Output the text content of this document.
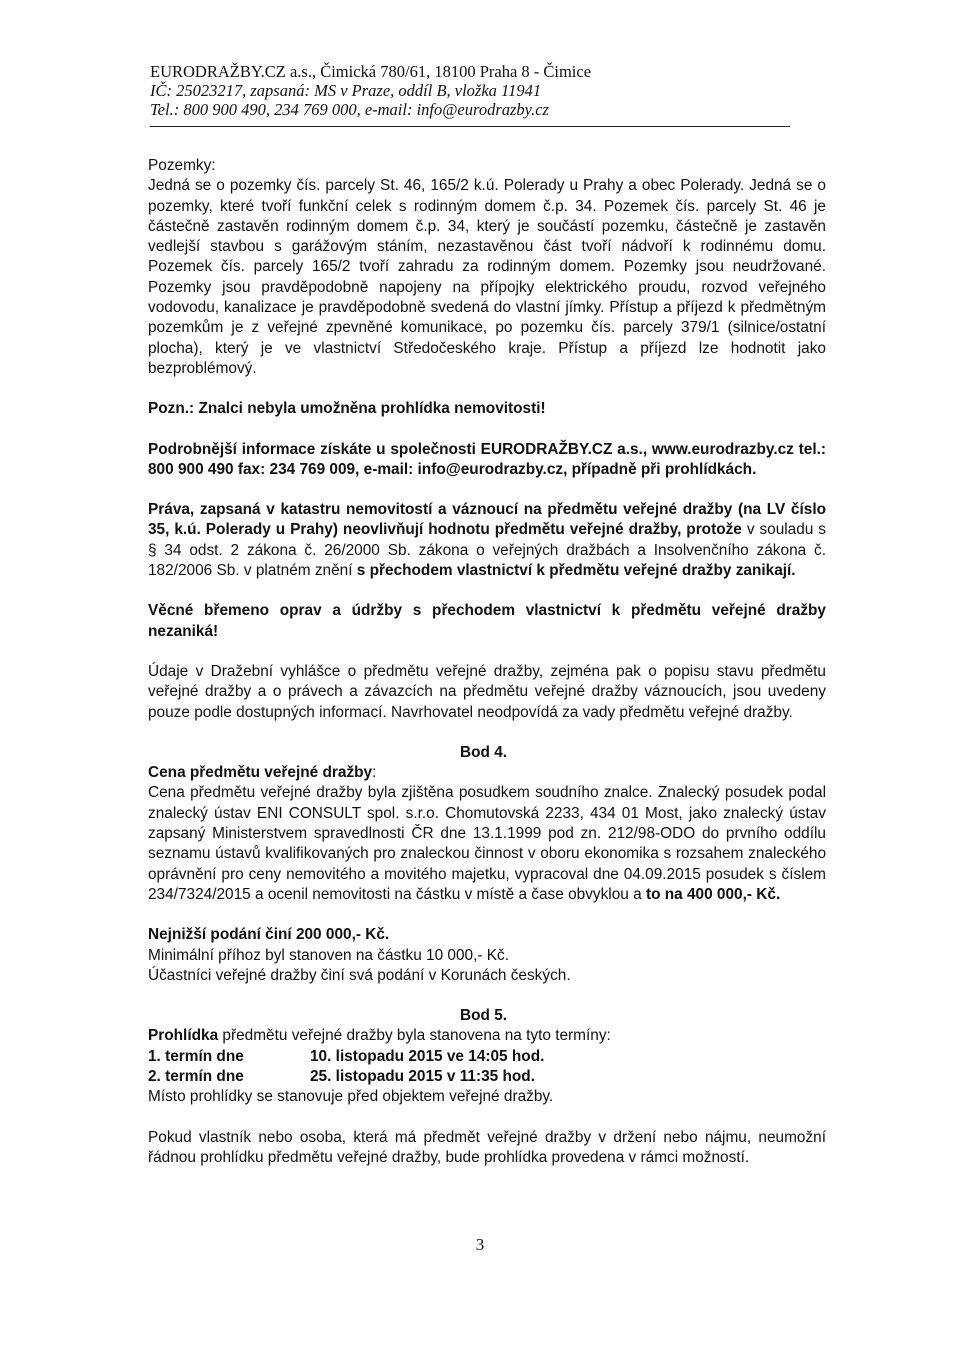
EURODRAŽBY.CZ a.s., Čimická 780/61, 18100 Praha 8 - Čimice
IČ: 25023217, zapsaná: MS v Praze, oddíl B, vložka 11941
Tel.: 800 900 490, 234 769 000, e-mail: info@eurodrazby.cz

Pozemky:

Jedná se o pozemky čís. parcely St. 46, 165/2 k.ú. Polerady u Prahy a obec Polerady. Jedná se o pozemky, které tvoří funkční celek s rodinným domem č.p. 34. Pozemek čís. parcely St. 46 je částečně zastavěn rodinným domem č.p. 34, který je součástí pozemku, částečně je zastavěn vedlejší stavbou s garážovým stáním, nezastavěnou část tvoří nádvoří k rodinnému domu. Pozemek čís. parcely 165/2 tvoří zahradu za rodinným domem. Pozemky jsou neudržované. Pozemky jsou pravděpodobně napojeny na přípojky elektrického proudu, rozvod veřejného vodovodu, kanalizace je pravděpodobně svedená do vlastní jímky. Přístup a příjezd k předmětným pozemkům je z veřejné zpevněné komunikace, po pozemku čís. parcely 379/1 (silnice/ostatní plocha), který je ve vlastnictví Středočeského kraje. Přístup a příjezd lze hodnotit jako bezproblémový.

Pozn.: Znalci nebyla umožněna prohlídka nemovitosti!

Podrobnější informace získáte u společnosti EURODRAŽBY.CZ a.s., www.eurodrazby.cz tel.: 800 900 490 fax: 234 769 009, e-mail: info@eurodrazby.cz, případně při prohlídkách.

Práva, zapsaná v katastru nemovitostí a váznoucí na předmětu veřejné dražby (na LV číslo 35, k.ú. Polerady u Prahy) neovlivňují hodnotu předmětu veřejné dražby, protože v souladu s § 34 odst. 2 zákona č. 26/2000 Sb. zákona o veřejných dražbách a Insolvenčního zákona č. 182/2006 Sb. v platném znění s přechodem vlastnictví k předmětu veřejné dražby zanikají.

Věcné břemeno oprav a údržby s přechodem vlastnictví k předmětu veřejné dražby nezaniká!

Údaje v Dražební vyhlášce o předmětu veřejné dražby, zejména pak o popisu stavu předmětu veřejné dražby a o právech a závazcích na předmětu veřejné dražby váznoucích, jsou uvedeny pouze podle dostupných informací. Navrhovatel neodpovídá za vady předmětu veřejné dražby.

Bod 4.

Cena předmětu veřejné dražby:

Cena předmětu veřejné dražby byla zjištěna posudkem soudního znalce. Znalecký posudek podal znalecký ústav ENI CONSULT spol. s.r.o. Chomutovská 2233, 434 01 Most, jako znalecký ústav zapsaný Ministerstvem spravedlnosti ČR dne 13.1.1999 pod zn. 212/98-ODO do prvního oddílu seznamu ústavů kvalifikovaných pro znaleckou činnost v oboru ekonomika s rozsahem znaleckého oprávnění pro ceny nemovitého a movitého majetku, vypracoval dne 04.09.2015 posudek s číslem 234/7324/2015 a ocenil nemovitosti na částku v místě a čase obvyklou a to na 400 000,- Kč.

Nejnižší podání činí 200 000,- Kč.

Minimální příhoz byl stanoven na částku 10 000,- Kč.

Účastníci veřejné dražby činí svá podání v Korunách českých.

Bod 5.

Prohlídka předmětu veřejné dražby byla stanovena na tyto termíny:

1. termín dne	10. listopadu 2015 ve 14:05 hod.
2. termín dne	25. listopadu 2015 v 11:35 hod.

Místo prohlídky se stanovuje před objektem veřejné dražby.

Pokud vlastník nebo osoba, která má předmět veřejné dražby v držení nebo nájmu, neumožní řádnou prohlídku předmětu veřejné dražby, bude prohlídka provedena v rámci možností.

3
